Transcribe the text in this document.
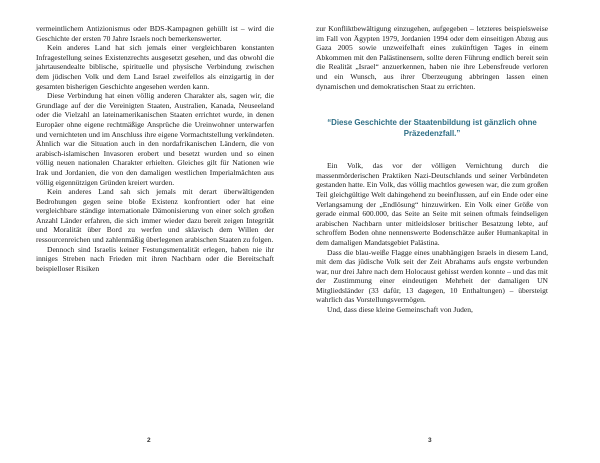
vermeintlichem Antizionismus oder BDS-Kampagnen gehüllt ist – wird die Geschichte der ersten 70 Jahre Israels noch bemerkenswerter.

Kein anderes Land hat sich jemals einer vergleichbaren konstanten Infragestellung seines Existenzrechts ausgesetzt gesehen, und das obwohl die jahrtausendealte biblische, spirituelle und physische Verbindung zwischen dem jüdischen Volk und dem Land Israel zweifellos als einzigartig in der gesamten bisherigen Geschichte angesehen werden kann.

Diese Verbindung hat einen völlig anderen Charakter als, sagen wir, die Grundlage auf der die Vereinigten Staaten, Australien, Kanada, Neuseeland oder die Vielzahl an lateinamerikanischen Staaten errichtet wurde, in denen Europäer ohne eigene rechtmäßige Ansprüche die Ureinwohner unterwarfen und vernichteten und im Anschluss ihre eigene Vormachtstellung verkündeten. Ähnlich war die Situation auch in den nordafrikanischen Ländern, die von arabisch-islamischen Invasoren erobert und besetzt wurden und so einen völlig neuen nationalen Charakter erhielten. Gleiches gilt für Nationen wie Irak und Jordanien, die von den damaligen westlichen Imperialmächten aus völlig eigennützigen Gründen kreiert wurden.

Kein anderes Land sah sich jemals mit derart überwältigenden Bedrohungen gegen seine bloße Existenz konfrontiert oder hat eine vergleichbare ständige internationale Dämonisierung von einer solch großen Anzahl Länder erfahren, die sich immer wieder dazu bereit zeigen Integrität und Moralität über Bord zu werfen und sklavisch dem Willen der ressourcenreichen und zahlenmäßig überlegenen arabischen Staaten zu folgen.

Dennoch sind Israelis keiner Festungsmentalität erlegen, haben nie ihr inniges Streben nach Frieden mit ihren Nachbarn oder die Bereitschaft beispielloser Risiken

zur Konfliktbewältigung einzugehen, aufgegeben – letzteres beispielsweise im Fall von Ägypten 1979, Jordanien 1994 oder dem einseitigen Abzug aus Gaza 2005 sowie unzweifelhaft eines zukünftigen Tages in einem Abkommen mit den Palästinensern, sollte deren Führung endlich bereit sein die Realität „Israel“ anzuerkennen, haben nie ihre Lebensfreude verloren und ein Wunsch, aus ihrer Überzeugung abbringen lassen einen dynamischen und demokratischen Staat zu errichten.

“Diese Geschichte der Staatenbildung ist gänzlich ohne Präzedenzfall.”

Ein Volk, das vor der völligen Vernichtung durch die massenmörderischen Praktiken Nazi-Deutschlands und seiner Verbündeten gestanden hatte. Ein Volk, das völlig machtlos gewesen war, die zum großen Teil gleichgültige Welt dahingehend zu beeinflussen, auf ein Ende oder eine Verlangsamung der „Endlösung“ hinzuwirken. Ein Volk einer Größe von gerade einmal 600.000, das Seite an Seite mit seinen oftmals feindseligen arabischen Nachbarn unter mitleidsloser britischer Besatzung lebte, auf schroffem Boden ohne nennenswerte Bodenschätze außer Humankapital in dem damaligen Mandatsgebiet Palästina.

Dass die blau-weiße Flagge eines unabhängigen Israels in diesem Land, mit dem das jüdische Volk seit der Zeit Abrahams aufs engste verbunden war, nur drei Jahre nach dem Holocaust gehisst werden konnte – und das mit der Zustimmung einer eindeutigen Mehrheit der damaligen UN Mitgliedsländer (33 dafür, 13 dagegen, 10 Enthaltungen) – übersteigt wahrlich das Vorstellungsvermögen.

Und, dass diese kleine Gemeinschaft von Juden,

2	3
